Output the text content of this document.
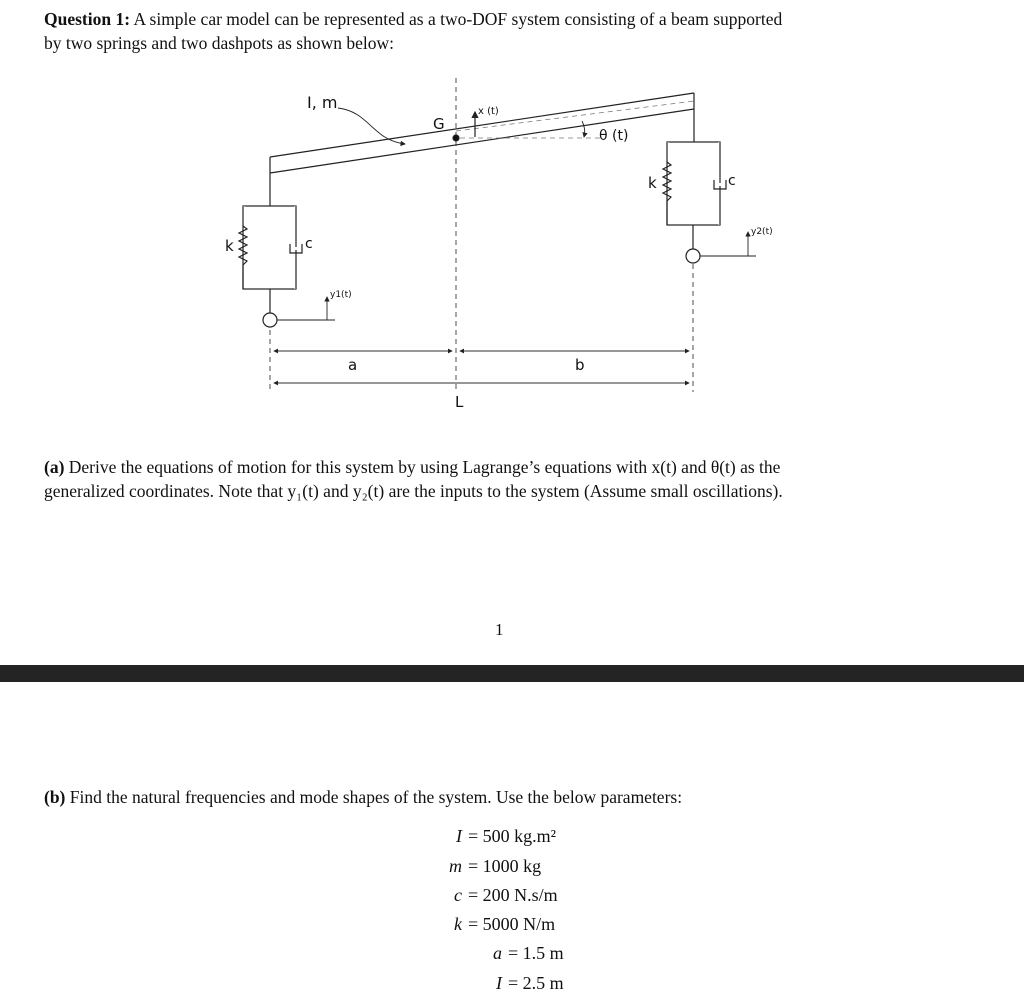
Question 1: A simple car model can be represented as a two-DOF system consisting of a beam supported
by two springs and two dashpots as shown below:
I, m
G
x (t)
θ (t)
k	c
k	c
y1(t)
y2(t)
a	b
L
(a) Derive the equations of motion for this system by using Lagrange’s equations with x(t) and θ(t) as the
generalized coordinates. Note that y₁(t) and y₂(t) are the inputs to the system (Assume small oscillations).
1
(b) Find the natural frequencies and mode shapes of the system. Use the below parameters:
I = 500 kg.m²
m = 1000 kg
c = 200 N.s/m
k = 5000 N/m
a = 1.5 m
I = 2.5 m
